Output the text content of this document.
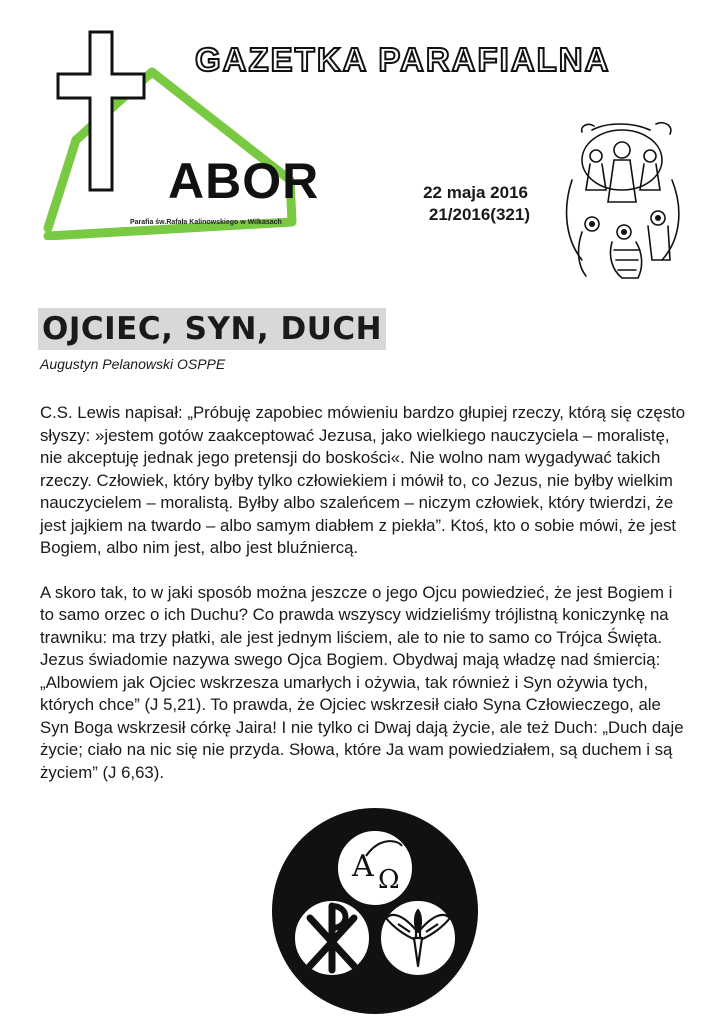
GAZETKA PARAFIALNA
ABOR
Parafia św.Rafała Kalinowskiego w Wilkasach
22 maja 2016
21/2016(321)
OJCIEC, SYN, DUCH
Augustyn Pelanowski OSPPE

C.S. Lewis napisał: „Próbuję zapobiec mówieniu bardzo głupiej rzeczy, którą się często słyszy: »jestem gotów zaakceptować Jezusa, jako wielkiego nauczyciela – moralistę, nie akceptuję jednak jego pretensji do boskości«. Nie wolno nam wygadywać takich rzeczy. Człowiek, który byłby tylko człowiekiem i mówił to, co Jezus, nie byłby wielkim nauczycielem – moralistą. Byłby albo szaleńcem – niczym człowiek, który twierdzi, że jest jajkiem na twardo – albo samym diabłem z piekła”. Ktoś, kto o sobie mówi, że jest Bogiem, albo nim jest, albo jest bluźniercą.

A skoro tak, to w jaki sposób można jeszcze o jego Ojcu powiedzieć, że jest Bogiem i to samo orzec o ich Duchu? Co prawda wszyscy widzieliśmy trójlistną koniczynkę na trawniku: ma trzy płatki, ale jest jednym liściem, ale to nie to samo co Trójca Święta. Jezus świadomie nazywa swego Ojca Bogiem. Obydwaj mają władzę nad śmiercią: „Albowiem jak Ojciec wskrzesza umarłych i ożywia, tak również i Syn ożywia tych, których chce” (J 5,21). To prawda, że Ojciec wskrzesił ciało Syna Człowieczego, ale Syn Boga wskrzesił córkę Jaira! I nie tylko ci Dwaj dają życie, ale też Duch: „Duch daje życie; ciało na nic się nie przyda. Słowa, które Ja wam powiedziałem, są duchem i są życiem” (J 6,63).

A Ω
